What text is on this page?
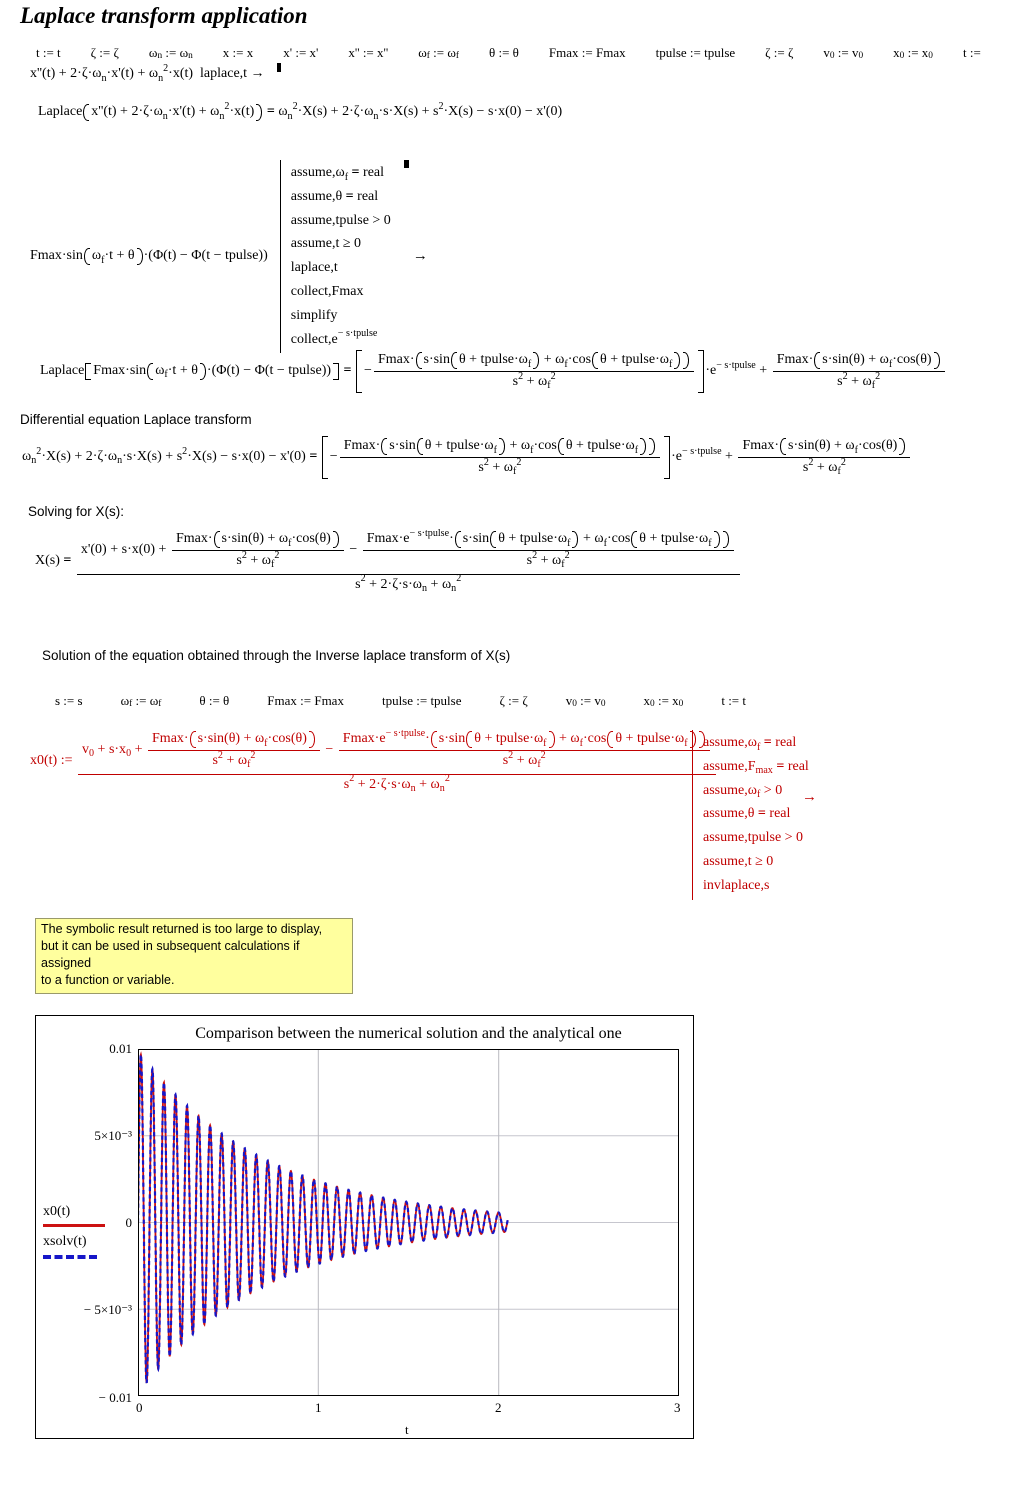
Laplace transform application
t := t ζ := ζ ω n := ω n x := x x' := x' x'' := x'' ω f := ω f θ := θ Fmax := Fmax tpulse := tpulse ζ := ζ v 0 := v 0 x 0 := x 0 t :=
x''(t) + 2·ζ·ω n ·x'(t) + ω n
2 ·x(t)  laplace,t →
Laplace x''(t) + 2·ζ·ω n ·x'(t) + ω n
2 ·x(t) = ω n
2 ·X(s) + 2·ζ·ω n ·s·X(s) + s 2 ·X(s) − s·x(0) − x'(0)
Fmax·sin ω f ·t + θ ·(Φ(t) − Φ(t − tpulse))
assume,ω f
= real
assume,θ = real
assume,tpulse > 0
assume,t ≥ 0
laplace,t
collect,Fmax
simplify
collect,e − s·tpulse
→
Laplace Fmax·sin ω f ·t + θ ·(Φ(t) − Φ(t − tpulse)) = −
Fmax· s·sin θ + tpulse·ω f + ω f ·cos θ + tpulse·ω f
s 2 + ω f
2	·e − s·tpulse +
Fmax· s·sin(θ) + ω f ·cos(θ)
s 2 + ω f
2
Differential equation Laplace transform
ω n
2 ·X(s) + 2·ζ·ω n ·s·X(s) + s 2 ·X(s) − s·x(0) − x'(0) = −
Fmax· s·sin θ + tpulse·ω f + ω f ·cos θ + tpulse·ω f
s 2 + ω f
2	·e − s·tpulse +
Fmax· s·sin(θ) + ω f ·cos(θ)
s 2 + ω f
2
Solving for X(s):
X(s) =
x'(0) + s·x(0) +
Fmax· s·sin(θ) + ω f ·cos(θ)
s 2 + ω f
2	−
Fmax·e − s·tpulse · s·sin θ + tpulse·ω f + ω f ·cos θ + tpulse·ω f
s 2 + ω f
2
s 2 + 2·ζ·s·ω n + ω n
2
Solution of the equation obtained through the Inverse laplace transform of X(s)
s := s	ω f := ω f	θ := θ	Fmax := Fmax	tpulse := tpulse	ζ := ζ	v 0 := v 0	x 0 := x 0	t := t
x0(t) :=
v 0 + s·x 0 +
Fmax· s·sin(θ) + ω f ·cos(θ)
s 2 + ω f
2	−
Fmax·e − s·tpulse · s·sin θ + tpulse·ω f + ω f ·cos θ + tpulse·ω f
s 2 + ω f
2
s 2 + 2·ζ·s·ω n + ω n
2
assume,ω f
= real
assume,F max
= real
assume,ω f > 0
assume,θ = real
assume,tpulse > 0
assume,t ≥ 0
invlaplace,s
→
The symbolic result returned is too large to display,
but it can be used in subsequent calculations if assigned
to a function or variable.
Comparison between the numerical solution and the analytical one
0.01
5×10⁻³
0
− 5×10⁻³
− 0.01
0	1	2	3
t
x0(t)
xsolv(t)
